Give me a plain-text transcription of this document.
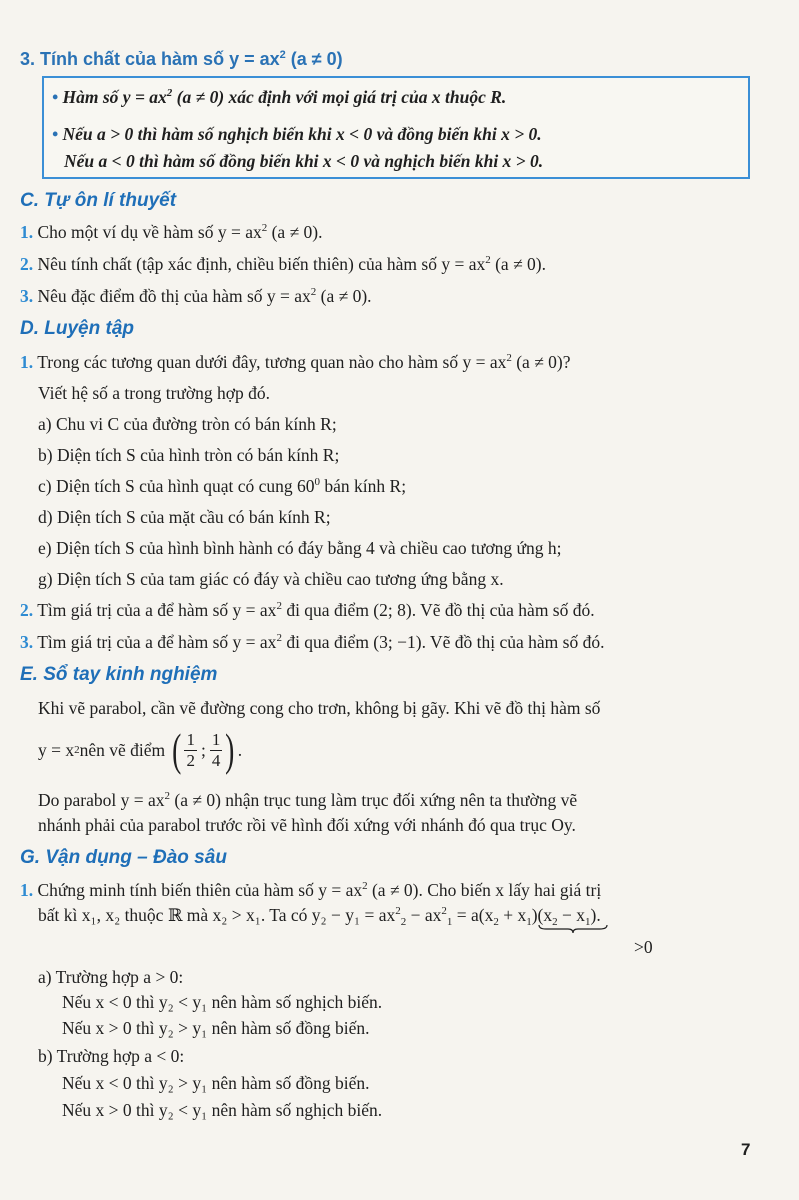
3. Tính chất của hàm số $y = ax^2$ (a ≠ 0)
• Hàm số $y = ax^2$ (a ≠ 0) xác định với mọi giá trị của x thuộc R.
• Nếu a > 0 thì hàm số nghịch biến khi x < 0 và đồng biến khi x > 0.
Nếu a < 0 thì hàm số đồng biến khi x < 0 và nghịch biến khi x > 0.
C. Tự ôn lí thuyết
1. Cho một ví dụ về hàm số $y = ax^2$ (a ≠ 0).
2. Nêu tính chất (tập xác định, chiều biến thiên) của hàm số $y = ax^2$ (a ≠ 0).
3. Nêu đặc điểm đồ thị của hàm số $y = ax^2$ (a ≠ 0).
D. Luyện tập
1. Trong các tương quan dưới đây, tương quan nào cho hàm số $y = ax^2$ (a ≠ 0)?
Viết hệ số a trong trường hợp đó.
a) Chu vi C của đường tròn có bán kính R;
b) Diện tích S của hình tròn có bán kính R;
c) Diện tích S của hình quạt có cung $60^0$ bán kính R;
d) Diện tích S của mặt cầu có bán kính R;
e) Diện tích S của hình bình hành có đáy bằng 4 và chiều cao tương ứng h;
g) Diện tích S của tam giác có đáy và chiều cao tương ứng bằng x.
2. Tìm giá trị của a để hàm số $y = ax^2$ đi qua điểm (2; 8). Vẽ đồ thị của hàm số đó.
3. Tìm giá trị của a để hàm số $y = ax^2$ đi qua điểm (3; −1). Vẽ đồ thị của hàm số đó.
E. Sổ tay kinh nghiệm
Khi vẽ parabol, cần vẽ đường cong cho trơn, không bị gãy. Khi vẽ đồ thị hàm số
y = x 2 nên vẽ điểm ( $\frac{1}{2}$ ; $\frac{1}{4}$ ) .
Do parabol $y = ax^2$ (a ≠ 0) nhận trục tung làm trục đối xứng nên ta thường vẽ
nhánh phải của parabol trước rồi vẽ hình đối xứng với nhánh đó qua trục Oy.
G. Vận dụng – Đào sâu
1. Chứng minh tính biến thiên của hàm số $y = ax^2$ (a ≠ 0). Cho biến x lấy hai giá trị
bất kì x₁, x₂ thuộc ℝ mà x₂ > x₁. Ta có $y_2 - y_1 = ax^2_2 - ax^2_1 = a(x_2 + x_1)(x_2 - x_1)$
.
>0
a) Trường hợp a > 0:
Nếu x < 0 thì y₂ < y₁ nên hàm số nghịch biến.
Nếu x > 0 thì y₂ > y₁ nên hàm số đồng biến.
b) Trường hợp a < 0:
Nếu x < 0 thì y₂ > y₁ nên hàm số đồng biến.
Nếu x > 0 thì y₂ < y₁ nên hàm số nghịch biến.
7
